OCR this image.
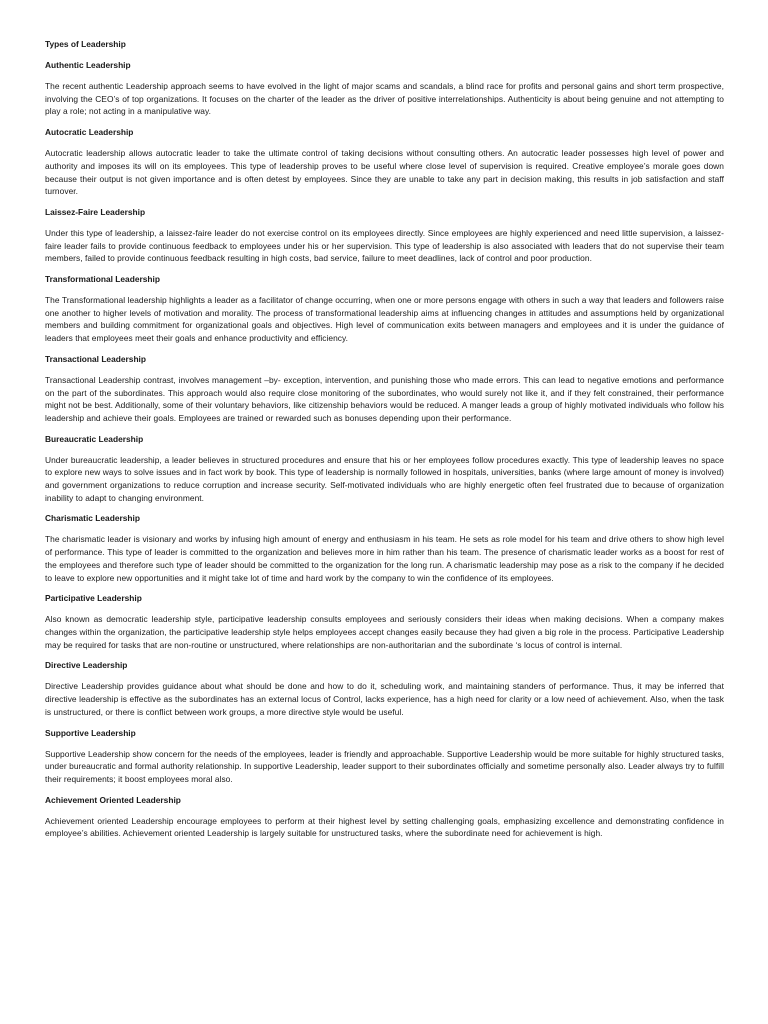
Types of Leadership
Authentic Leadership

The recent authentic Leadership approach seems to have evolved in the light of major scams and scandals, a blind race for profits and personal gains and short term prospective, involving the CEO’s of top organizations. It focuses on the charter of the leader as the driver of positive interrelationships. Authenticity is about being genuine and not attempting to play a role; not acting in a manipulative way.

Autocratic Leadership

Autocratic leadership allows autocratic leader to take the ultimate control of taking decisions without consulting others. An autocratic leader possesses high level of power and authority and imposes its will on its employees. This type of leadership proves to be useful where close level of supervision is required. Creative employee’s morale goes down because their output is not given importance and is often detest by employees. Since they are unable to take any part in decision making, this results in job satisfaction and staff turnover.

Laissez-Faire Leadership

Under this type of leadership, a laissez-faire leader do not exercise control on its employees directly. Since employees are highly experienced and need little supervision, a laissez-faire leader fails to provide continuous feedback to employees under his or her supervision. This type of leadership is also associated with leaders that do not supervise their team members, failed to provide continuous feedback resulting in high costs, bad service, failure to meet deadlines, lack of control and poor production.

Transformational Leadership

The Transformational leadership highlights a leader as a facilitator of change occurring, when one or more persons engage with others in such a way that leaders and followers raise one another to higher levels of motivation and morality. The process of transformational leadership aims at influencing changes in attitudes and assumptions held by organizational members and building commitment for organizational goals and objectives. High level of communication exits between managers and employees and it is under the guidance of leaders that employees meet their goals and enhance productivity and efficiency.

Transactional Leadership

Transactional Leadership contrast, involves management –by- exception, intervention, and punishing those who made errors. This can lead to negative emotions and performance on the part of the subordinates. This approach would also require close monitoring of the subordinates, who would surely not like it, and if they felt constrained, their performance might not be best. Additionally, some of their voluntary behaviors, like citizenship behaviors would be reduced. A manger leads a group of highly motivated individuals who follow his leadership and achieve their goals. Employees are trained or rewarded such as bonuses depending upon their performance.

Bureaucratic Leadership

Under bureaucratic leadership, a leader believes in structured procedures and ensure that his or her employees follow procedures exactly. This type of leadership leaves no space to explore new ways to solve issues and in fact work by book. This type of leadership is normally followed in hospitals, universities, banks (where large amount of money is involved) and government organizations to reduce corruption and increase security. Self-motivated individuals who are highly energetic often feel frustrated due to because of organization inability to adapt to changing environment.

Charismatic Leadership

The charismatic leader is visionary and works by infusing high amount of energy and enthusiasm in his team. He sets as role model for his team and drive others to show high level of performance. This type of leader is committed to the organization and believes more in him rather than his team. The presence of charismatic leader works as a boost for rest of the employees and therefore such type of leader should be committed to the organization for the long run. A charismatic leadership may pose as a risk to the company if he decided to leave to explore new opportunities and it might take lot of time and hard work by the company to win the confidence of its employees.

Participative Leadership

Also known as democratic leadership style, participative leadership consults employees and seriously considers their ideas when making decisions. When a company makes changes within the organization, the participative leadership style helps employees accept changes easily because they had given a big role in the process. Participative Leadership may be required for tasks that are non-routine or unstructured, where relationships are non-authoritarian and the subordinate ‘s locus of control is internal.

Directive Leadership

Directive Leadership provides guidance about what should be done and how to do it, scheduling work, and maintaining standers of performance. Thus, it may be inferred that directive leadership is effective as the subordinates has an external locus of Control, lacks experience, has a high need for clarity or a low need of achievement. Also, when the task is unstructured, or there is conflict between work groups, a more directive style would be useful.

Supportive Leadership

Supportive Leadership show concern for the needs of the employees, leader is friendly and approachable. Supportive Leadership would be more suitable for highly structured tasks, under bureaucratic and formal authority relationship. In supportive Leadership, leader support to their subordinates officially and sometime personally also. Leader always try to fulfill their requirements; it boost employees moral also.

Achievement Oriented Leadership

Achievement oriented Leadership encourage employees to perform at their highest level by setting challenging goals, emphasizing excellence and demonstrating confidence in employee’s abilities. Achievement oriented Leadership is largely suitable for unstructured tasks, where the subordinate need for achievement is high.
